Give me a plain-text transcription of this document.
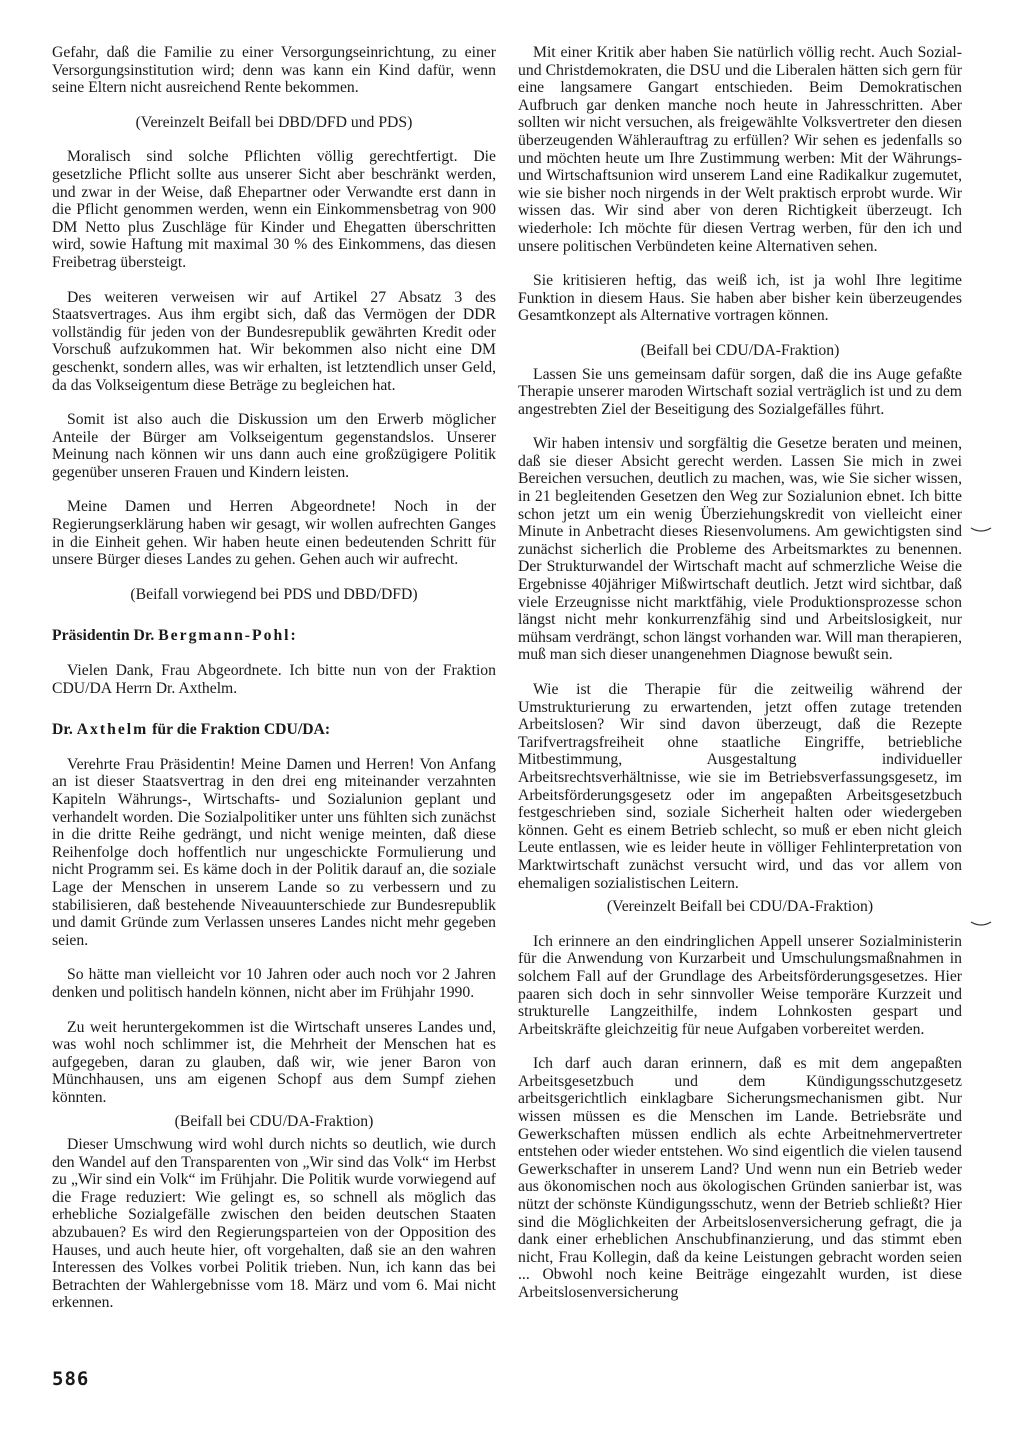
Gefahr, daß die Familie zu einer Versorgungseinrichtung, zu einer Versorgungsinstitution wird; denn was kann ein Kind dafür, wenn seine Eltern nicht ausreichend Rente bekommen.

(Vereinzelt Beifall bei DBD/DFD und PDS)

Moralisch sind solche Pflichten völlig gerechtfertigt. Die gesetzliche Pflicht sollte aus unserer Sicht aber beschränkt werden, und zwar in der Weise, daß Ehepartner oder Verwandte erst dann in die Pflicht genommen werden, wenn ein Einkommensbetrag von 900 DM Netto plus Zuschläge für Kinder und Ehegatten überschritten wird, sowie Haftung mit maximal 30 % des Einkommens, das diesen Freibetrag übersteigt.

Des weiteren verweisen wir auf Artikel 27 Absatz 3 des Staatsvertrages. Aus ihm ergibt sich, daß das Vermögen der DDR vollständig für jeden von der Bundesrepublik gewährten Kredit oder Vorschuß aufzukommen hat. Wir bekommen also nicht eine DM geschenkt, sondern alles, was wir erhalten, ist letztendlich unser Geld, da das Volkseigentum diese Beträge zu begleichen hat.

Somit ist also auch die Diskussion um den Erwerb möglicher Anteile der Bürger am Volkseigentum gegenstandslos. Unserer Meinung nach können wir uns dann auch eine großzügigere Politik gegenüber unseren Frauen und Kindern leisten.

Meine Damen und Herren Abgeordnete! Noch in der Regierungserklärung haben wir gesagt, wir wollen aufrechten Ganges in die Einheit gehen. Wir haben heute einen bedeutenden Schritt für unsere Bürger dieses Landes zu gehen. Gehen auch wir aufrecht.

(Beifall vorwiegend bei PDS und DBD/DFD)

Präsidentin Dr. Bergmann-Pohl:

Vielen Dank, Frau Abgeordnete. Ich bitte nun von der Fraktion CDU/DA Herrn Dr. Axthelm.

Dr. Axthelm für die Fraktion CDU/DA:

Verehrte Frau Präsidentin! Meine Damen und Herren! Von Anfang an ist dieser Staatsvertrag in den drei eng miteinander verzahnten Kapiteln Währungs-, Wirtschafts- und Sozialunion geplant und verhandelt worden. Die Sozialpolitiker unter uns fühlten sich zunächst in die dritte Reihe gedrängt, und nicht wenige meinten, daß diese Reihenfolge doch hoffentlich nur ungeschickte Formulierung und nicht Programm sei. Es käme doch in der Politik darauf an, die soziale Lage der Menschen in unserem Lande so zu verbessern und zu stabilisieren, daß bestehende Niveauunterschiede zur Bundesrepublik und damit Gründe zum Verlassen unseres Landes nicht mehr gegeben seien.

So hätte man vielleicht vor 10 Jahren oder auch noch vor 2 Jahren denken und politisch handeln können, nicht aber im Frühjahr 1990.

Zu weit heruntergekommen ist die Wirtschaft unseres Landes und, was wohl noch schlimmer ist, die Mehrheit der Menschen hat es aufgegeben, daran zu glauben, daß wir, wie jener Baron von Münchhausen, uns am eigenen Schopf aus dem Sumpf ziehen könnten.

(Beifall bei CDU/DA-Fraktion)

Dieser Umschwung wird wohl durch nichts so deutlich, wie durch den Wandel auf den Transparenten von „Wir sind das Volk“ im Herbst zu „Wir sind ein Volk“ im Frühjahr. Die Politik wurde vorwiegend auf die Frage reduziert: Wie gelingt es, so schnell als möglich das erhebliche Sozialgefälle zwischen den beiden deutschen Staaten abzubauen? Es wird den Regierungsparteien von der Opposition des Hauses, und auch heute hier, oft vorgehalten, daß sie an den wahren Interessen des Volkes vorbei Politik trieben. Nun, ich kann das bei Betrachten der Wahlergebnisse vom 18. März und vom 6. Mai nicht erkennen.

Mit einer Kritik aber haben Sie natürlich völlig recht. Auch Sozial- und Christdemokraten, die DSU und die Liberalen hätten sich gern für eine langsamere Gangart entschieden. Beim Demokratischen Aufbruch gar denken manche noch heute in Jahresschritten. Aber sollten wir nicht versuchen, als freigewählte Volksvertreter den diesen überzeugenden Wählerauftrag zu erfüllen? Wir sehen es jedenfalls so und möchten heute um Ihre Zustimmung werben: Mit der Währungs- und Wirtschaftsunion wird unserem Land eine Radikalkur zugemutet, wie sie bisher noch nirgends in der Welt praktisch erprobt wurde. Wir wissen das. Wir sind aber von deren Richtigkeit überzeugt. Ich wiederhole: Ich möchte für diesen Vertrag werben, für den ich und unsere politischen Verbündeten keine Alternativen sehen.

Sie kritisieren heftig, das weiß ich, ist ja wohl Ihre legitime Funktion in diesem Haus. Sie haben aber bisher kein überzeugendes Gesamtkonzept als Alternative vortragen können.

(Beifall bei CDU/DA-Fraktion)

Lassen Sie uns gemeinsam dafür sorgen, daß die ins Auge gefaßte Therapie unserer maroden Wirtschaft sozial verträglich ist und zu dem angestrebten Ziel der Beseitigung des Sozialgefälles führt.

Wir haben intensiv und sorgfältig die Gesetze beraten und meinen, daß sie dieser Absicht gerecht werden. Lassen Sie mich in zwei Bereichen versuchen, deutlich zu machen, was, wie Sie sicher wissen, in 21 begleitenden Gesetzen den Weg zur Sozialunion ebnet. Ich bitte schon jetzt um ein wenig Überziehungskredit von vielleicht einer Minute in Anbetracht dieses Riesenvolumens. Am gewichtigsten sind zunächst sicherlich die Probleme des Arbeitsmarktes zu benennen. Der Strukturwandel der Wirtschaft macht auf schmerzliche Weise die Ergebnisse 40jähriger Mißwirtschaft deutlich. Jetzt wird sichtbar, daß viele Erzeugnisse nicht marktfähig, viele Produktionsprozesse schon längst nicht mehr konkurrenzfähig sind und Arbeitslosigkeit, nur mühsam verdrängt, schon längst vorhanden war. Will man therapieren, muß man sich dieser unangenehmen Diagnose bewußt sein.

Wie ist die Therapie für die zeitweilig während der Umstrukturierung zu erwartenden, jetzt offen zutage tretenden Arbeitslosen? Wir sind davon überzeugt, daß die Rezepte Tarifvertragsfreiheit ohne staatliche Eingriffe, betriebliche Mitbestimmung, Ausgestaltung individueller Arbeitsrechtsverhältnisse, wie sie im Betriebsverfassungsgesetz, im Arbeitsförderungsgesetz oder im angepaßten Arbeitsgesetzbuch festgeschrieben sind, soziale Sicherheit halten oder wiedergeben können. Geht es einem Betrieb schlecht, so muß er eben nicht gleich Leute entlassen, wie es leider heute in völliger Fehlinterpretation von Marktwirtschaft zunächst versucht wird, und das vor allem von ehemaligen sozialistischen Leitern.

(Vereinzelt Beifall bei CDU/DA-Fraktion)

Ich erinnere an den eindringlichen Appell unserer Sozialministerin für die Anwendung von Kurzarbeit und Umschulungsmaßnahmen in solchem Fall auf der Grundlage des Arbeitsförderungsgesetzes. Hier paaren sich doch in sehr sinnvoller Weise temporäre Kurzzeit und strukturelle Langzeithilfe, indem Lohnkosten gespart und Arbeitskräfte gleichzeitig für neue Aufgaben vorbereitet werden.

Ich darf auch daran erinnern, daß es mit dem angepaßten Arbeitsgesetzbuch und dem Kündigungsschutzgesetz arbeitsgerichtlich einklagbare Sicherungsmechanismen gibt. Nur wissen müssen es die Menschen im Lande. Betriebsräte und Gewerkschaften müssen endlich als echte Arbeitnehmervertreter entstehen oder wieder entstehen. Wo sind eigentlich die vielen tausend Gewerkschafter in unserem Land? Und wenn nun ein Betrieb weder aus ökonomischen noch aus ökologischen Gründen sanierbar ist, was nützt der schönste Kündigungsschutz, wenn der Betrieb schließt? Hier sind die Möglichkeiten der Arbeitslosenversicherung gefragt, die ja dank einer erheblichen Anschubfinanzierung, und das stimmt eben nicht, Frau Kollegin, daß da keine Leistungen gebracht worden seien ... Obwohl noch keine Beiträge eingezahlt wurden, ist diese Arbeitslosenversicherung

586
